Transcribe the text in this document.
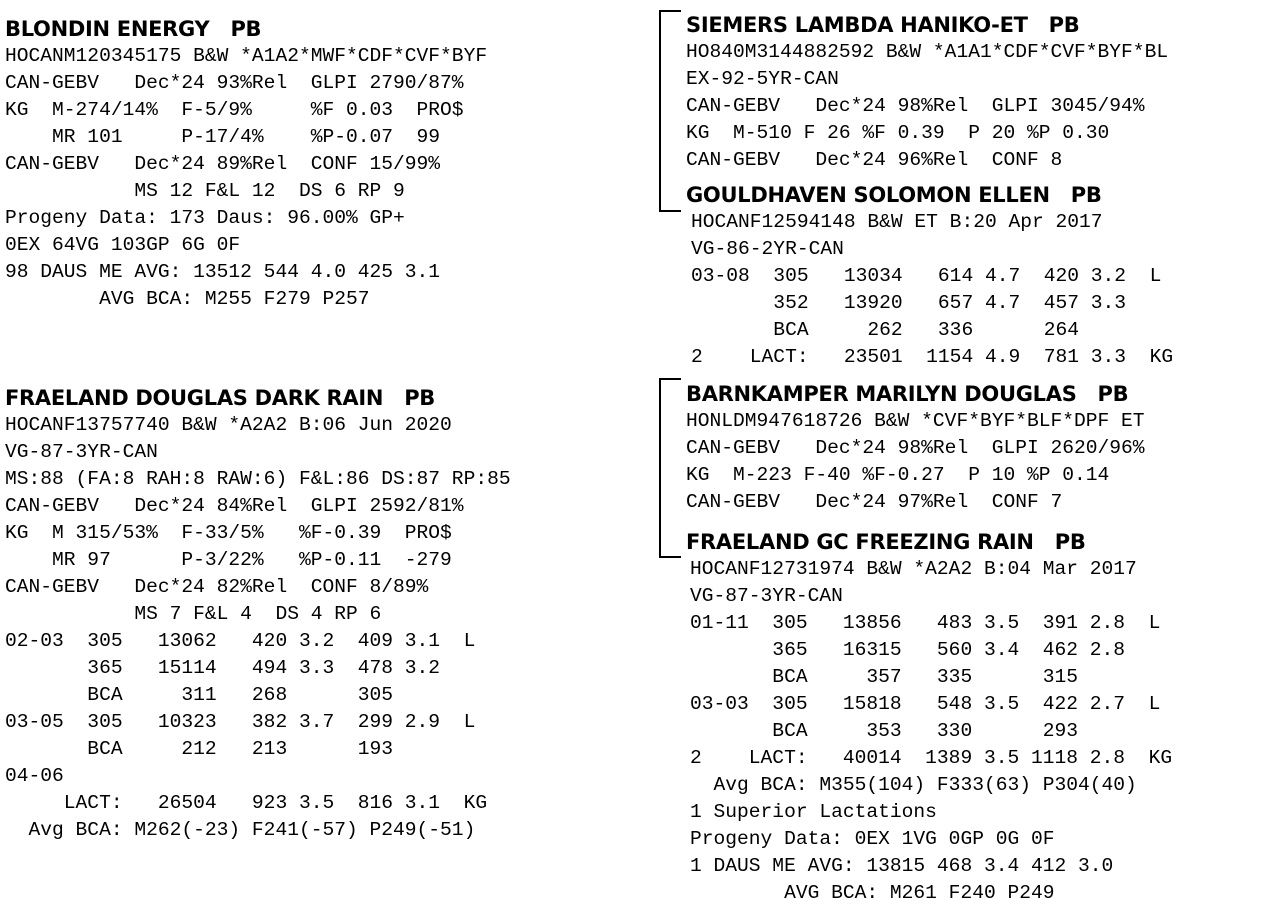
BLONDIN ENERGY   PB
HOCANM120345175 B&W *A1A2*MWF*CDF*CVF*BYF
CAN-GEBV   Dec*24 93%Rel  GLPI 2790/87%
KG  M-274/14%  F-5/9%     %F 0.03  PRO$
MR 101     P-17/4%    %P-0.07  99
CAN-GEBV   Dec*24 89%Rel  CONF 15/99%
MS 12 F&L 12  DS 6 RP 9
Progeny Data: 173 Daus: 96.00% GP+
0EX 64VG 103GP 6G 0F
98 DAUS ME AVG: 13512 544 4.0 425 3.1
AVG BCA: M255 F279 P257
FRAELAND DOUGLAS DARK RAIN   PB
HOCANF13757740 B&W *A2A2 B:06 Jun 2020
VG-87-3YR-CAN
MS:88 (FA:8 RAH:8 RAW:6) F&L:86 DS:87 RP:85
CAN-GEBV   Dec*24 84%Rel  GLPI 2592/81%
KG  M 315/53%  F-33/5%   %F-0.39  PRO$
MR 97      P-3/22%   %P-0.11  -279
CAN-GEBV   Dec*24 82%Rel  CONF 8/89%
MS 7 F&L 4  DS 4 RP 6
02-03  305   13062   420 3.2  409 3.1  L
365   15114   494 3.3  478 3.2
BCA     311   268      305
03-05  305   10323   382 3.7  299 2.9  L
BCA     212   213      193
04-06
LACT:   26504   923 3.5  816 3.1  KG
Avg BCA: M262(-23) F241(-57) P249(-51)
SIEMERS LAMBDA HANIKO-ET   PB
HO840M3144882592 B&W *A1A1*CDF*CVF*BYF*BL
EX-92-5YR-CAN
CAN-GEBV   Dec*24 98%Rel  GLPI 3045/94%
KG  M-510 F 26 %F 0.39  P 20 %P 0.30
CAN-GEBV   Dec*24 96%Rel  CONF 8
GOULDHAVEN SOLOMON ELLEN   PB
HOCANF12594148 B&W ET B:20 Apr 2017
VG-86-2YR-CAN
03-08  305   13034   614 4.7  420 3.2  L
352   13920   657 4.7  457 3.3
BCA     262   336      264
2    LACT:   23501  1154 4.9  781 3.3  KG
BARNKAMPER MARILYN DOUGLAS   PB
HONLDM947618726 B&W *CVF*BYF*BLF*DPF ET
CAN-GEBV   Dec*24 98%Rel  GLPI 2620/96%
KG  M-223 F-40 %F-0.27  P 10 %P 0.14
CAN-GEBV   Dec*24 97%Rel  CONF 7
FRAELAND GC FREEZING RAIN   PB
HOCANF12731974 B&W *A2A2 B:04 Mar 2017
VG-87-3YR-CAN
01-11  305   13856   483 3.5  391 2.8  L
365   16315   560 3.4  462 2.8
BCA     357   335      315
03-03  305   15818   548 3.5  422 2.7  L
BCA     353   330      293
2    LACT:   40014  1389 3.5 1118 2.8  KG
Avg BCA: M355(104) F333(63) P304(40)
1 Superior Lactations
Progeny Data: 0EX 1VG 0GP 0G 0F
1 DAUS ME AVG: 13815 468 3.4 412 3.0
AVG BCA: M261 F240 P249
